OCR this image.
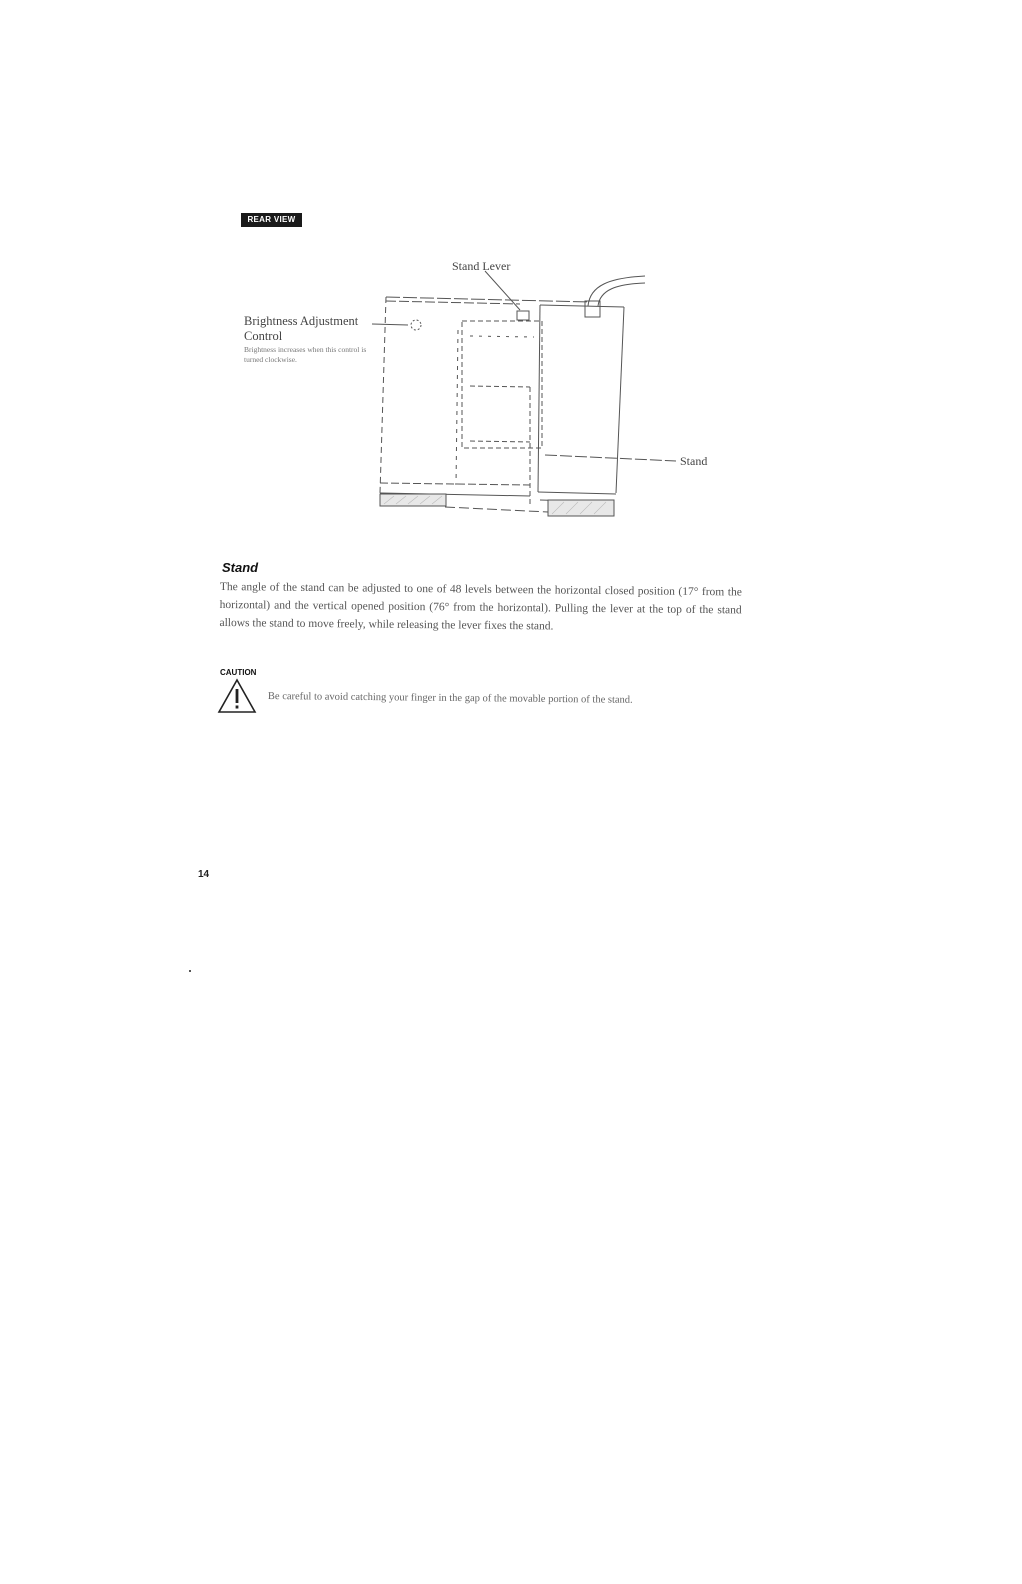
REAR VIEW
Stand Lever
Brightness Adjustment
Control
Brightness increases when this control is turned clockwise.
Stand
Stand
The angle of the stand can be adjusted to one of 48 levels between the horizontal closed position (17° from the horizontal) and the vertical opened position (76° from the horizontal). Pulling the lever at the top of the stand allows the stand to move freely, while releasing the lever fixes the stand.
CAUTION
Be careful to avoid catching your finger in the gap of the movable portion of the stand.
14
